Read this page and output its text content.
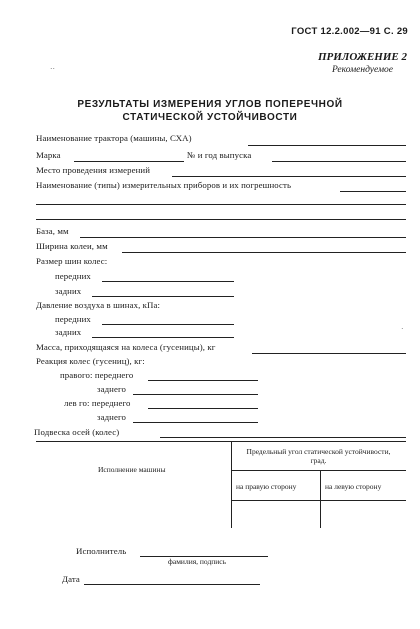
ГОСТ 12.2.002—91 С. 29
ПРИЛОЖЕНИЕ 2
Рекомендуемое
‥
РЕЗУЛЬТАТЫ ИЗМЕРЕНИЯ УГЛОВ ПОПЕРЕЧНОЙ
СТАТИЧЕСКОЙ УСТОЙЧИВОСТИ
Наименование трактора (машины, СХА)
Марка	№ и год выпуска
Место проведения измерений
Наименование (типы) измерительных приборов и их погрешность
База, мм
Ширина колеи, мм
Размер шин колес:
передних
задних
Давление воздуха в шинах, кПа:
передних
задних	·
Масса, приходящаяся на колеса (гусеницы), кг
Реакция колес (гусениц), кг:
правого: переднего
заднего
лев го: переднего
заднего
Подвеска осей (колес)
Исполнение машины
Предельный угол статической устойчивости, град.
на правую сторону	на левую сторону
Исполнитель
фамилия, подпись
Дата
